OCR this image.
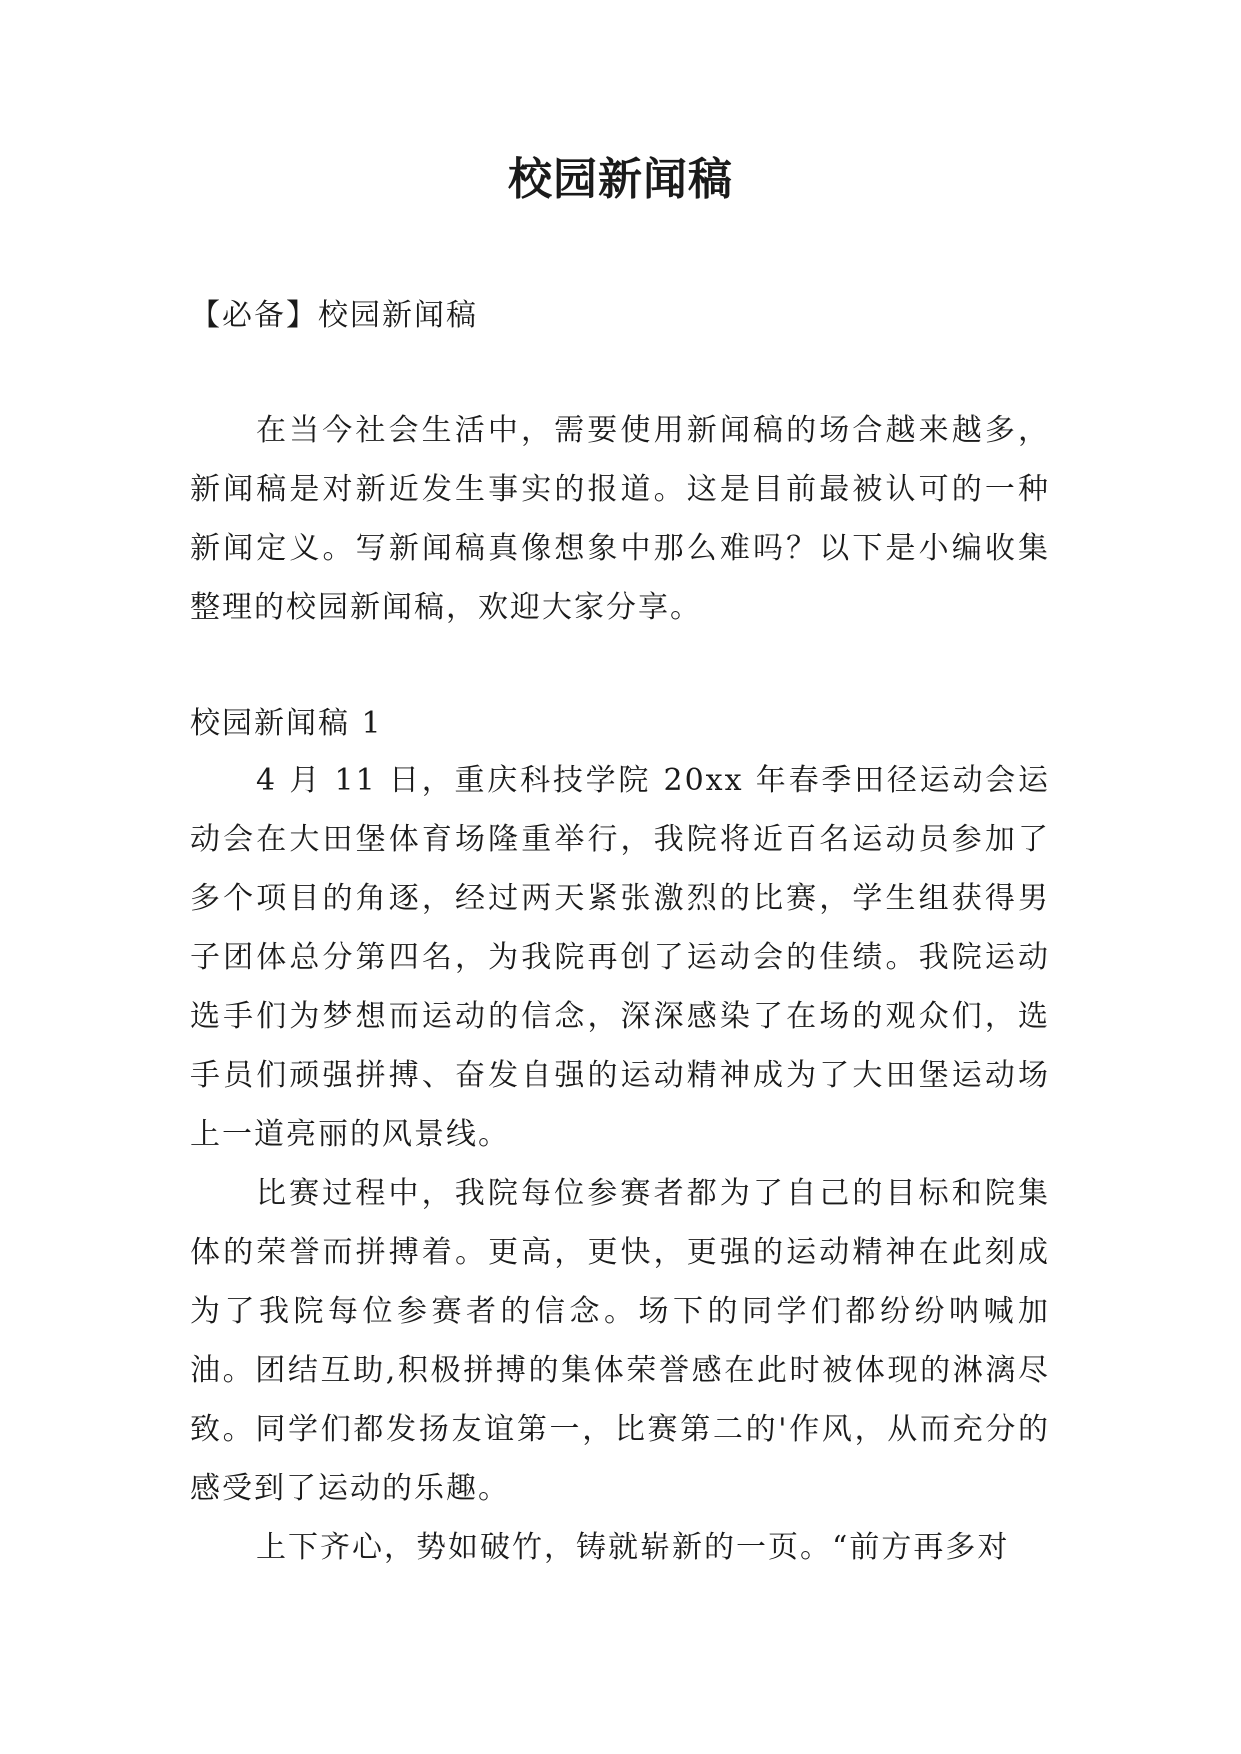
校园新闻稿
【必备】校园新闻稿

在当今社会生活中，需要使用新闻稿的场合越来越多，新闻稿是对新近发生事实的报道。这是目前最被认可的一种新闻定义。写新闻稿真像想象中那么难吗？以下是小编收集整理的校园新闻稿，欢迎大家分享。

校园新闻稿 1

4 月 11 日，重庆科技学院 20xx 年春季田径运动会运动会在大田堡体育场隆重举行，我院将近百名运动员参加了多个项目的角逐，经过两天紧张激烈的比赛，学生组获得男子团体总分第四名，为我院再创了运动会的佳绩。我院运动选手们为梦想而运动的信念，深深感染了在场的观众们，选手员们顽强拼搏、奋发自强的运动精神成为了大田堡运动场上一道亮丽的风景线。

比赛过程中，我院每位参赛者都为了自己的目标和院集体的荣誉而拼搏着。更高，更快，更强的运动精神在此刻成为了我院每位参赛者的信念。场下的同学们都纷纷呐喊加油。团结互助,积极拼搏的集体荣誉感在此时被体现的淋漓尽致。同学们都发扬友谊第一，比赛第二的'作风，从而充分的感受到了运动的乐趣。

上下齐心，势如破竹，铸就崭新的一页。“前方再多对
